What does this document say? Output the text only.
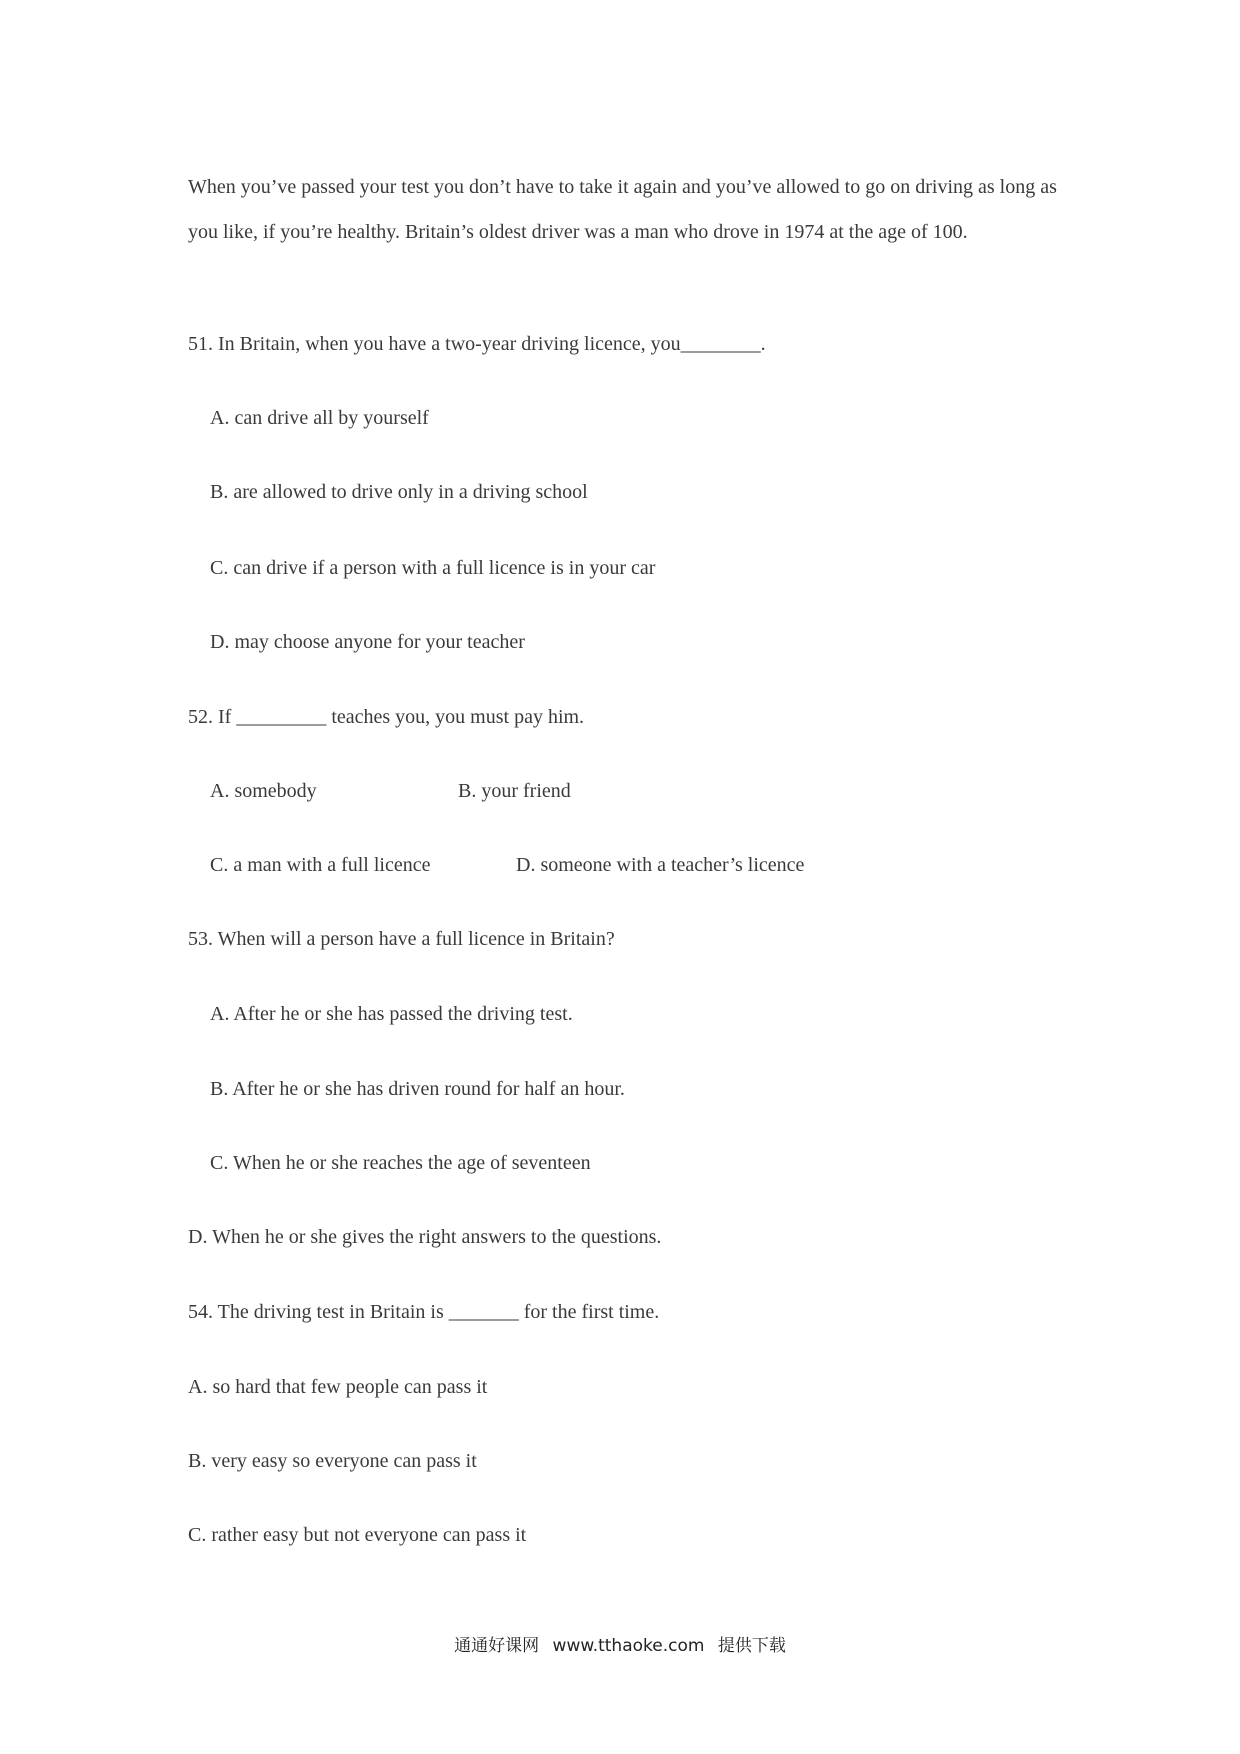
When you’ve passed your test you don’t have to take it again and you’ve allowed to go on driving as long as you like, if you’re healthy. Britain’s oldest driver was a man who drove in 1974 at the age of 100.
51. In Britain, when you have a two-year driving licence, you________.
A. can drive all by yourself
B. are allowed to drive only in a driving school
C. can drive if a person with a full licence is in your car
D. may choose anyone for your teacher
52. If _________ teaches you, you must pay him.
A. somebody	B. your friend
C. a man with a full licence	D. someone with a teacher’s licence
53. When will a person have a full licence in Britain?
A. After he or she has passed the driving test.
B. After he or she has driven round for half an hour.
C. When he or she reaches the age of seventeen
D. When he or she gives the right answers to the questions.
54. The driving test in Britain is _______ for the first time.
A. so hard that few people can pass it
B. very easy so everyone can pass it
C. rather easy but not everyone can pass it
通通好课网 www.tthaoke.com 提供下载
